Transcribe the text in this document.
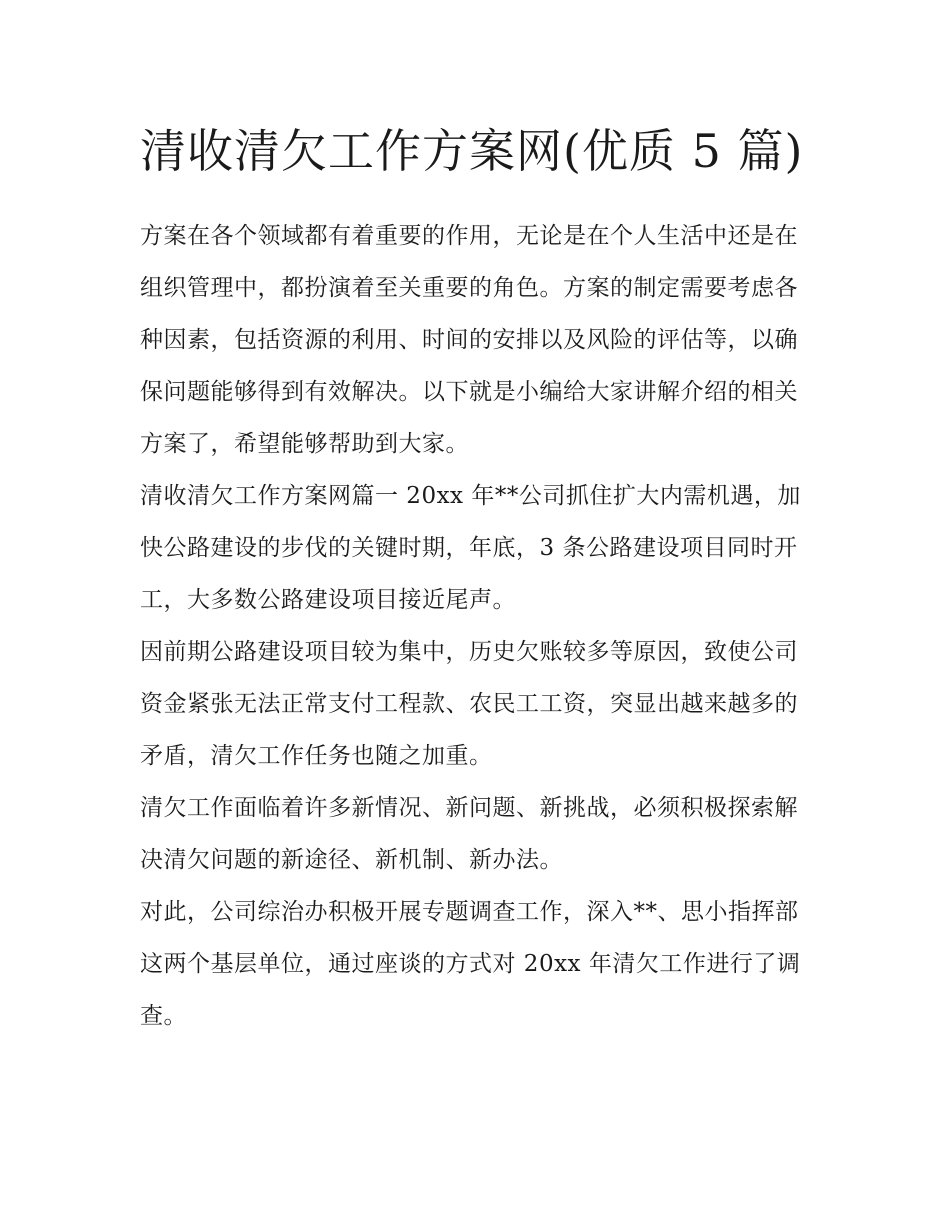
清收清欠工作方案网(优质 5 篇)

方案在各个领域都有着重要的作用，无论是在个人生活中还是在组织管理中，都扮演着至关重要的角色。方案的制定需要考虑各种因素，包括资源的利用、时间的安排以及风险的评估等，以确保问题能够得到有效解决。以下就是小编给大家讲解介绍的相关方案了，希望能够帮助到大家。

清收清欠工作方案网篇一 20xx 年**公司抓住扩大内需机遇，加快公路建设的步伐的关键时期，年底，3 条公路建设项目同时开工，大多数公路建设项目接近尾声。

因前期公路建设项目较为集中，历史欠账较多等原因，致使公司资金紧张无法正常支付工程款、农民工工资，突显出越来越多的矛盾，清欠工作任务也随之加重。

清欠工作面临着许多新情况、新问题、新挑战，必须积极探索解决清欠问题的新途径、新机制、新办法。

对此，公司综治办积极开展专题调查工作，深入**、思小指挥部这两个基层单位，通过座谈的方式对 20xx 年清欠工作进行了调查。
